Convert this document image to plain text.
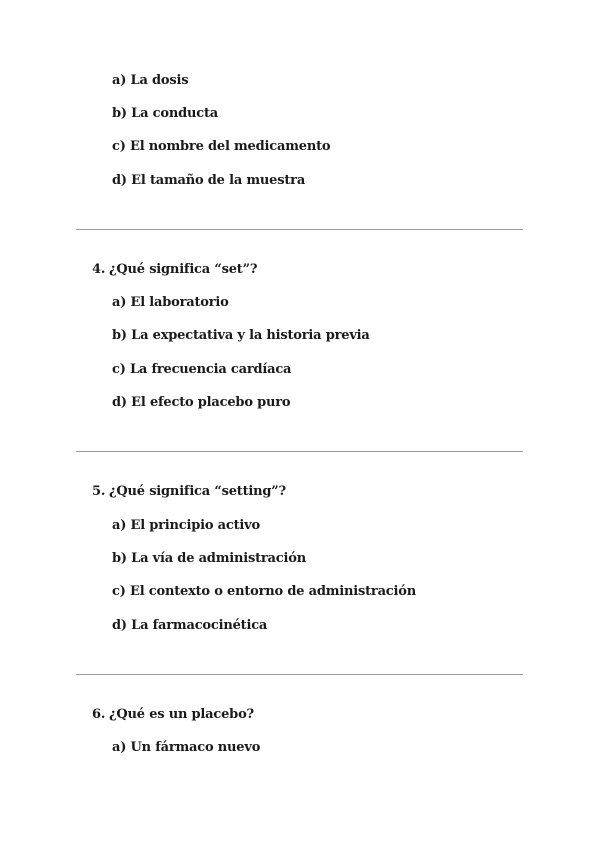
a) La dosis
b) La conducta
c) El nombre del medicamento
d) El tamaño de la muestra
4. ¿Qué significa “set”?
a) El laboratorio
b) La expectativa y la historia previa
c) La frecuencia cardíaca
d) El efecto placebo puro
5. ¿Qué significa “setting”?
a) El principio activo
b) La vía de administración
c) El contexto o entorno de administración
d) La farmacocinética
6. ¿Qué es un placebo?
a) Un fármaco nuevo
